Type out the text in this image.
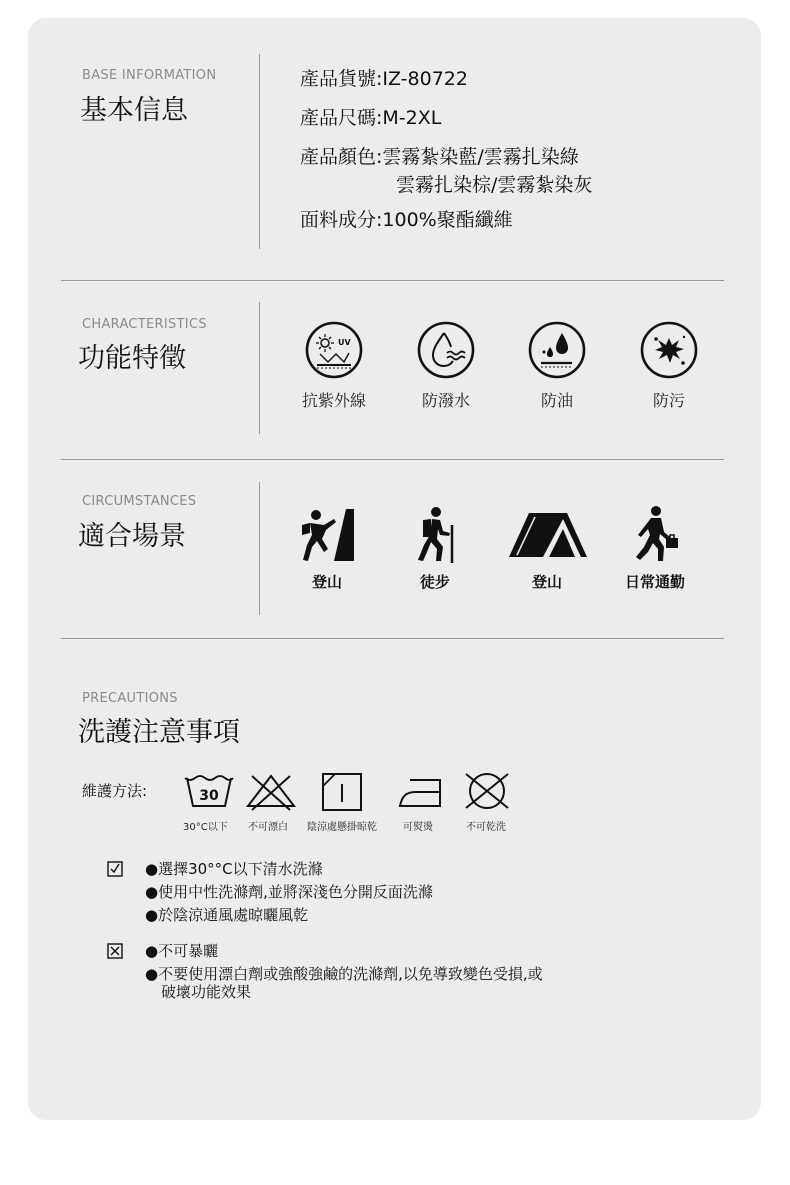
BASE INFORMATION
基本信息
產品貨號:IZ-80722
產品尺碼:M-2XL
產品顏色:雲霧紮染藍/雲霧扎染綠
雲霧扎染棕/雲霧紮染灰
面料成分:100%聚酯纖維
CHARACTERISTICS
功能特徵
UV
抗紫外線	防潑水	防油	防污
CIRCUMSTANCES
適合場景
登山	徒步	登山	日常通勤
PRECAUTIONS
洗護注意事項
維護方法:	30
30°C以下 不可漂白 陰涼處懸掛晾乾	可熨燙	不可乾洗
●選擇30°°C以下清水洗滌
●使用中性洗滌劑,並將深淺色分開反面洗滌
●於陰涼通風處晾曬風乾
●不可暴曬
●不要使用漂白劑或強酸強鹼的洗滌劑,以免導致變色受損,或
破壞功能效果
